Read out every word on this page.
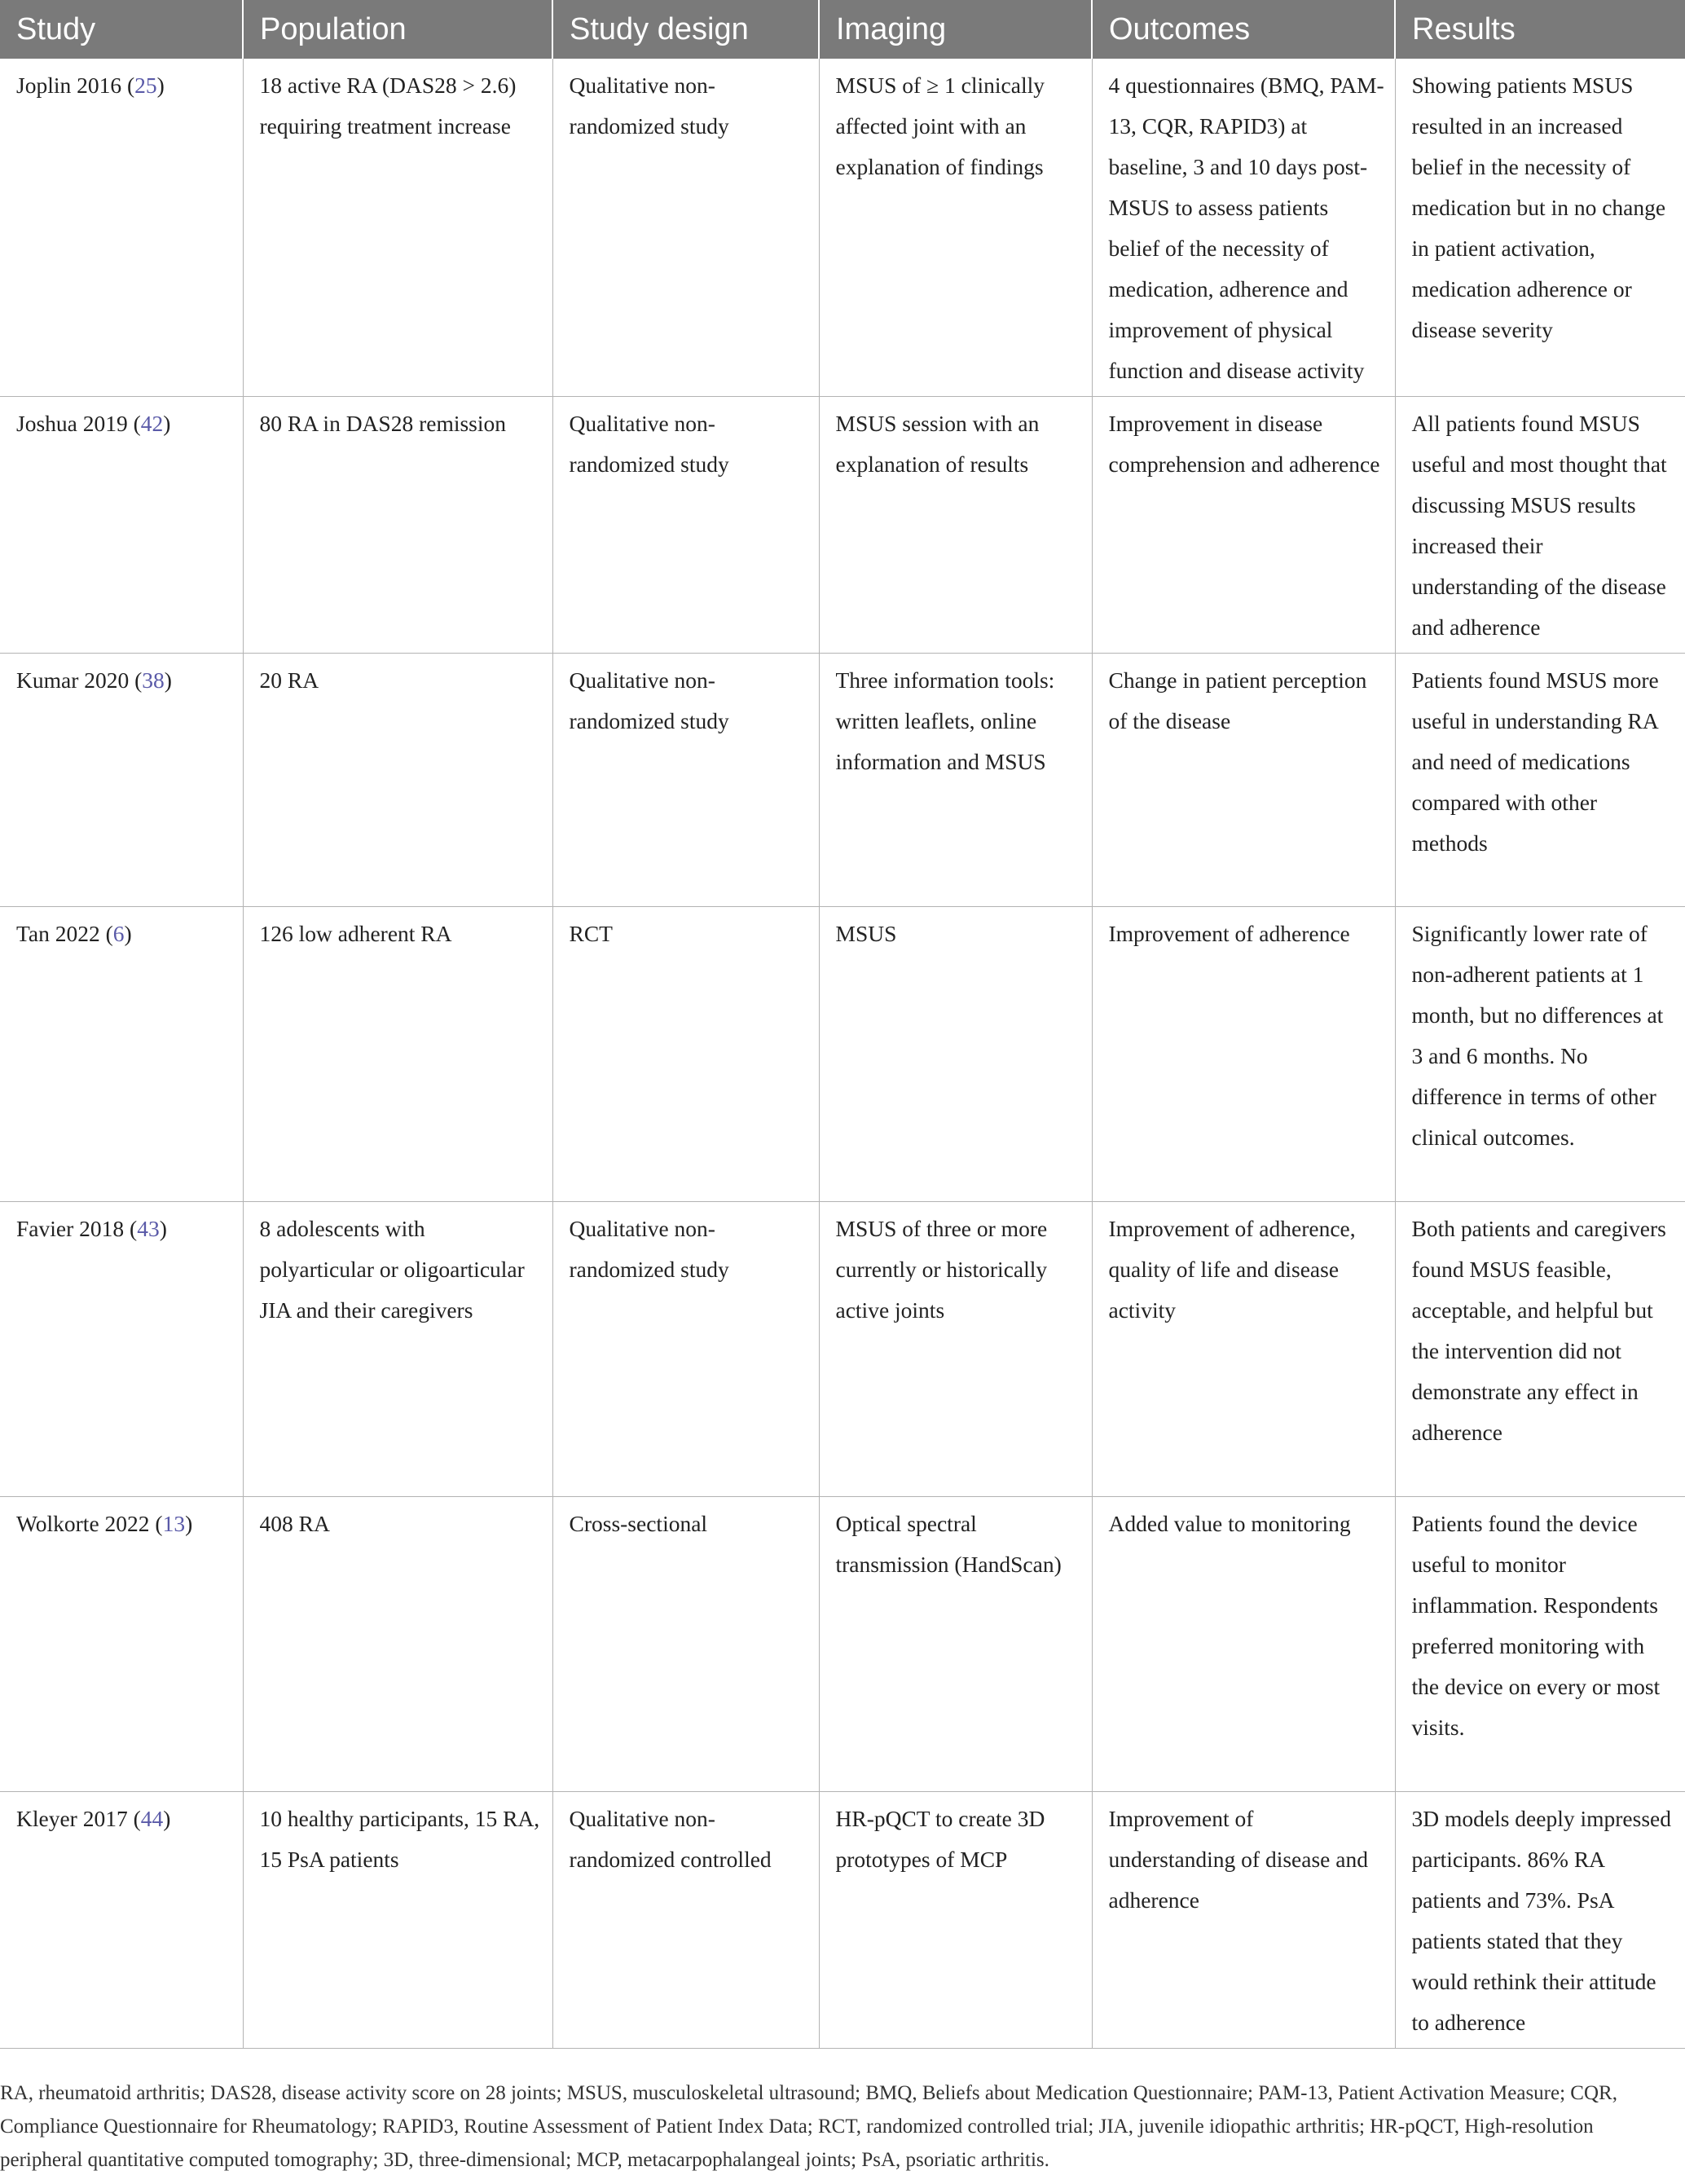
Study	Population	Study design	Imaging	Outcomes	Results
Joplin 2016 (25)	18 active RA (DAS28 > 2.6) requiring treatment increase	Qualitative non-randomized study	MSUS of ≥ 1 clinically affected joint with an explanation of findings	4 questionnaires (BMQ, PAM-13, CQR, RAPID3) at baseline, 3 and 10 days post-MSUS to assess patients belief of the necessity of medication, adherence and improvement of physical function and disease activity	Showing patients MSUS resulted in an increased belief in the necessity of medication but in no change in patient activation, medication adherence or disease severity
Joshua 2019 (42)	80 RA in DAS28 remission	Qualitative non-randomized study	MSUS session with an explanation of results	Improvement in disease comprehension and adherence	All patients found MSUS useful and most thought that discussing MSUS results increased their understanding of the disease and adherence
Kumar 2020 (38)	20 RA	Qualitative non-randomized study	Three information tools: written leaflets, online information and MSUS	Change in patient perception of the disease	Patients found MSUS more useful in understanding RA and need of medications compared with other methods
Tan 2022 (6)	126 low adherent RA	RCT	MSUS	Improvement of adherence	Significantly lower rate of non-adherent patients at 1 month, but no differences at 3 and 6 months. No difference in terms of other clinical outcomes.
Favier 2018 (43)	8 adolescents with polyarticular or oligoarticular JIA and their caregivers	Qualitative non-randomized study	MSUS of three or more currently or historically active joints	Improvement of adherence, quality of life and disease activity	Both patients and caregivers found MSUS feasible, acceptable, and helpful but the intervention did not demonstrate any effect in adherence
Wolkorte 2022 (13)	408 RA	Cross-sectional	Optical spectral transmission (HandScan)	Added value to monitoring	Patients found the device useful to monitor inflammation. Respondents preferred monitoring with the device on every or most visits.
Kleyer 2017 (44)	10 healthy participants, 15 RA, 15 PsA patients	Qualitative non-randomized controlled	HR-pQCT to create 3D prototypes of MCP	Improvement of understanding of disease and adherence	3D models deeply impressed participants. 86% RA patients and 73%. PsA patients stated that they would rethink their attitude to adherence

RA, rheumatoid arthritis; DAS28, disease activity score on 28 joints; MSUS, musculoskeletal ultrasound; BMQ, Beliefs about Medication Questionnaire; PAM-13, Patient Activation Measure; CQR, Compliance Questionnaire for Rheumatology; RAPID3, Routine Assessment of Patient Index Data; RCT, randomized controlled trial; JIA, juvenile idiopathic arthritis; HR-pQCT, High-resolution peripheral quantitative computed tomography; 3D, three-dimensional; MCP, metacarpophalangeal joints; PsA, psoriatic arthritis.
